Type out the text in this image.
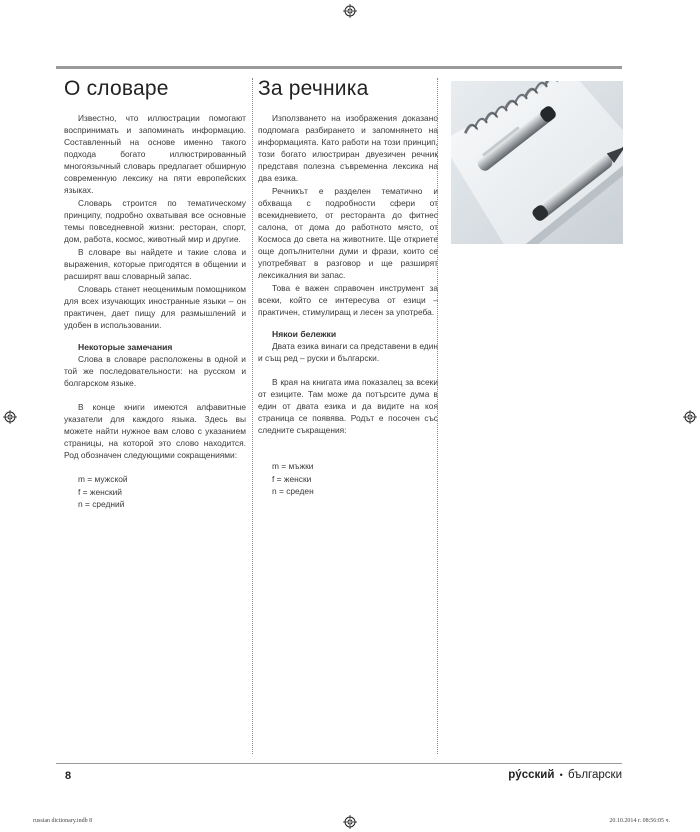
О словаре

Известно, что иллюстрации помогают воспринимать и запоминать информацию. Составленный на основе именно такого подхода богато иллюстрированный многоязычный словарь предлагает обширную современную лексику на пяти европейских языках.

Словарь строится по тематическому принципу, подробно охватывая все основные темы повседневной жизни: ресторан, спорт, дом, работа, космос, животный мир и другие.

В словаре вы найдете и такие слова и выражения, которые пригодятся в общении и расширят ваш словарный запас.

Словарь станет неоценимым помощником для всех изучающих иностранные языки – он практичен, дает пищу для размышлений и удобен в использовании.

Некоторые замечания

Слова в словаре расположены в одной и той же последовательности: на русском и болгарском языке.

В конце книги имеются алфавитные указатели для каждого языка. Здесь вы можете найти нужное вам слово с указанием страницы, на которой это слово находится. Род обозначен следующими сокращениями:

m = мужской
f = женский
n = средний
За речника

Използването на изображения доказано подпомага разбирането и запомнянето на информацията. Като работи на този принцип, този богато илюстриран двуезичен речник представя полезна съвременна лексика на два езика.

Речникът е разделен тематично и обхваща с подробности сфери от всекидневието, от ресторанта до фитнес салона, от дома до работното място, от Космоса до света на животните. Ще откриете още допълнителни думи и фрази, които се употребяват в разговор и ще разширят лексикалния ви запас.

Това е важен справочен инструмент за всеки, който се интересува от езици – практичен, стимулиращ и лесен за употреба.

Някои бележки

Двата езика винаги са представени в един и същ ред – руски и български.

В края на книгата има показалец за всеки от езиците. Там може да потърсите дума в един от двата езика и да видите на коя страница се появява. Родът е посочен със следните съкращения:

m = мъжки
f = женски
n = среден
8	рýсский • български
russian dictionary.indb 8	20.10.2014 г. 08:56:05 ч.
